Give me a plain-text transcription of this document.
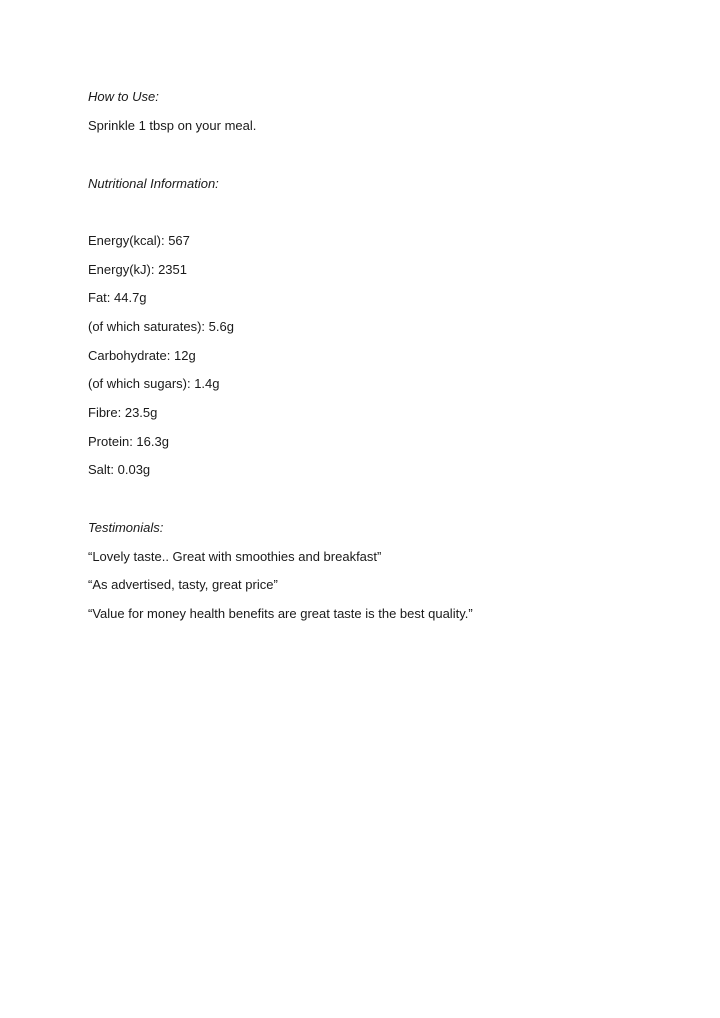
How to Use:
Sprinkle 1 tbsp on your meal.
Nutritional Information:
Energy(kcal): 567
Energy(kJ): 2351
Fat: 44.7g
(of which saturates): 5.6g
Carbohydrate: 12g
(of which sugars): 1.4g
Fibre: 23.5g
Protein: 16.3g
Salt: 0.03g
Testimonials:
“Lovely taste.. Great with smoothies and breakfast”
“As advertised, tasty, great price”
“Value for money health benefits are great taste is the best quality.”
